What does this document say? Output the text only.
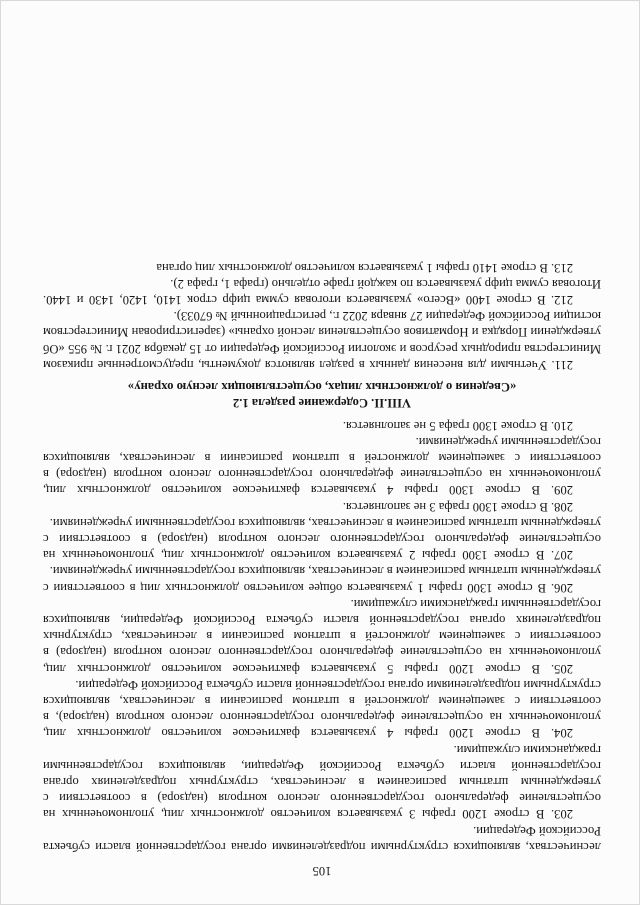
105

лесничествах, являющихся структурными подразделениями органа государственной власти субъекта Российской Федерации.

203. В строке 1200 графы 3 указывается количество должностных лиц, уполномоченных на осуществление федерального государственного лесного контроля (надзора) в соответствии с утвержденным штатным расписанием в лесничествах, структурных подразделениях органа государственной власти субъекта Российской Федерации, являющихся государственными гражданскими служащими.

204. В строке 1200 графы 4 указывается фактическое количество должностных лиц, уполномоченных на осуществление федерального государственного лесного контроля (надзора), в соответствии с замещением должностей в штатном расписании в лесничествах, являющихся структурными подразделениями органа государственной власти субъекта Российской Федерации.

205. В строке 1200 графы 5 указывается фактическое количество должностных лиц, уполномоченных на осуществление федерального государственного лесного контроля (надзора) в соответствии с замещением должностей в штатном расписании в лесничествах, структурных подразделениях органа государственной власти субъекта Российской Федерации, являющихся государственными гражданскими служащими.

206. В строке 1300 графы 1 указывается общее количество должностных лиц в соответствии с утвержденным штатным расписанием в лесничествах, являющихся государственными учреждениями.

207. В строке 1300 графы 2 указывается количество должностных лиц, уполномоченных на осуществление федерального государственного лесного контроля (надзора) в соответствии с утвержденным штатным расписанием в лесничествах, являющихся государственными учреждениями.

208. В строке 1300 графа 3 не заполняется.

209. В строке 1300 графы 4 указывается фактическое количество должностных лиц, уполномоченных на осуществление федерального государственного лесного контроля (надзора) в соответствии с замещением должностей в штатном расписании в лесничествах, являющихся государственными учреждениями.

210. В строке 1300 графа 5 не заполняется.

VIII.II. Содержание раздела 1.2
«Сведения о должностных лицах, осуществляющих лесную охрану»

211. Учетными для внесения данных в раздел являются документы, предусмотренные приказом Министерства природных ресурсов и экологии Российской Федерации от 15 декабря 2021 г. № 955 «Об утверждении Порядка и Нормативов осуществления лесной охраны» (зарегистрирован Министерством юстиции Российской Федерации 27 января 2022 г., регистрационный № 67033).

212. В строке 1400 «Всего» указывается итоговая сумма цифр строк 1410, 1420, 1430 и 1440. Итоговая сумма цифр указывается по каждой графе отдельно (графа 1, графа 2).

213. В строке 1410 графы 1 указывается количество должностных лиц органа
